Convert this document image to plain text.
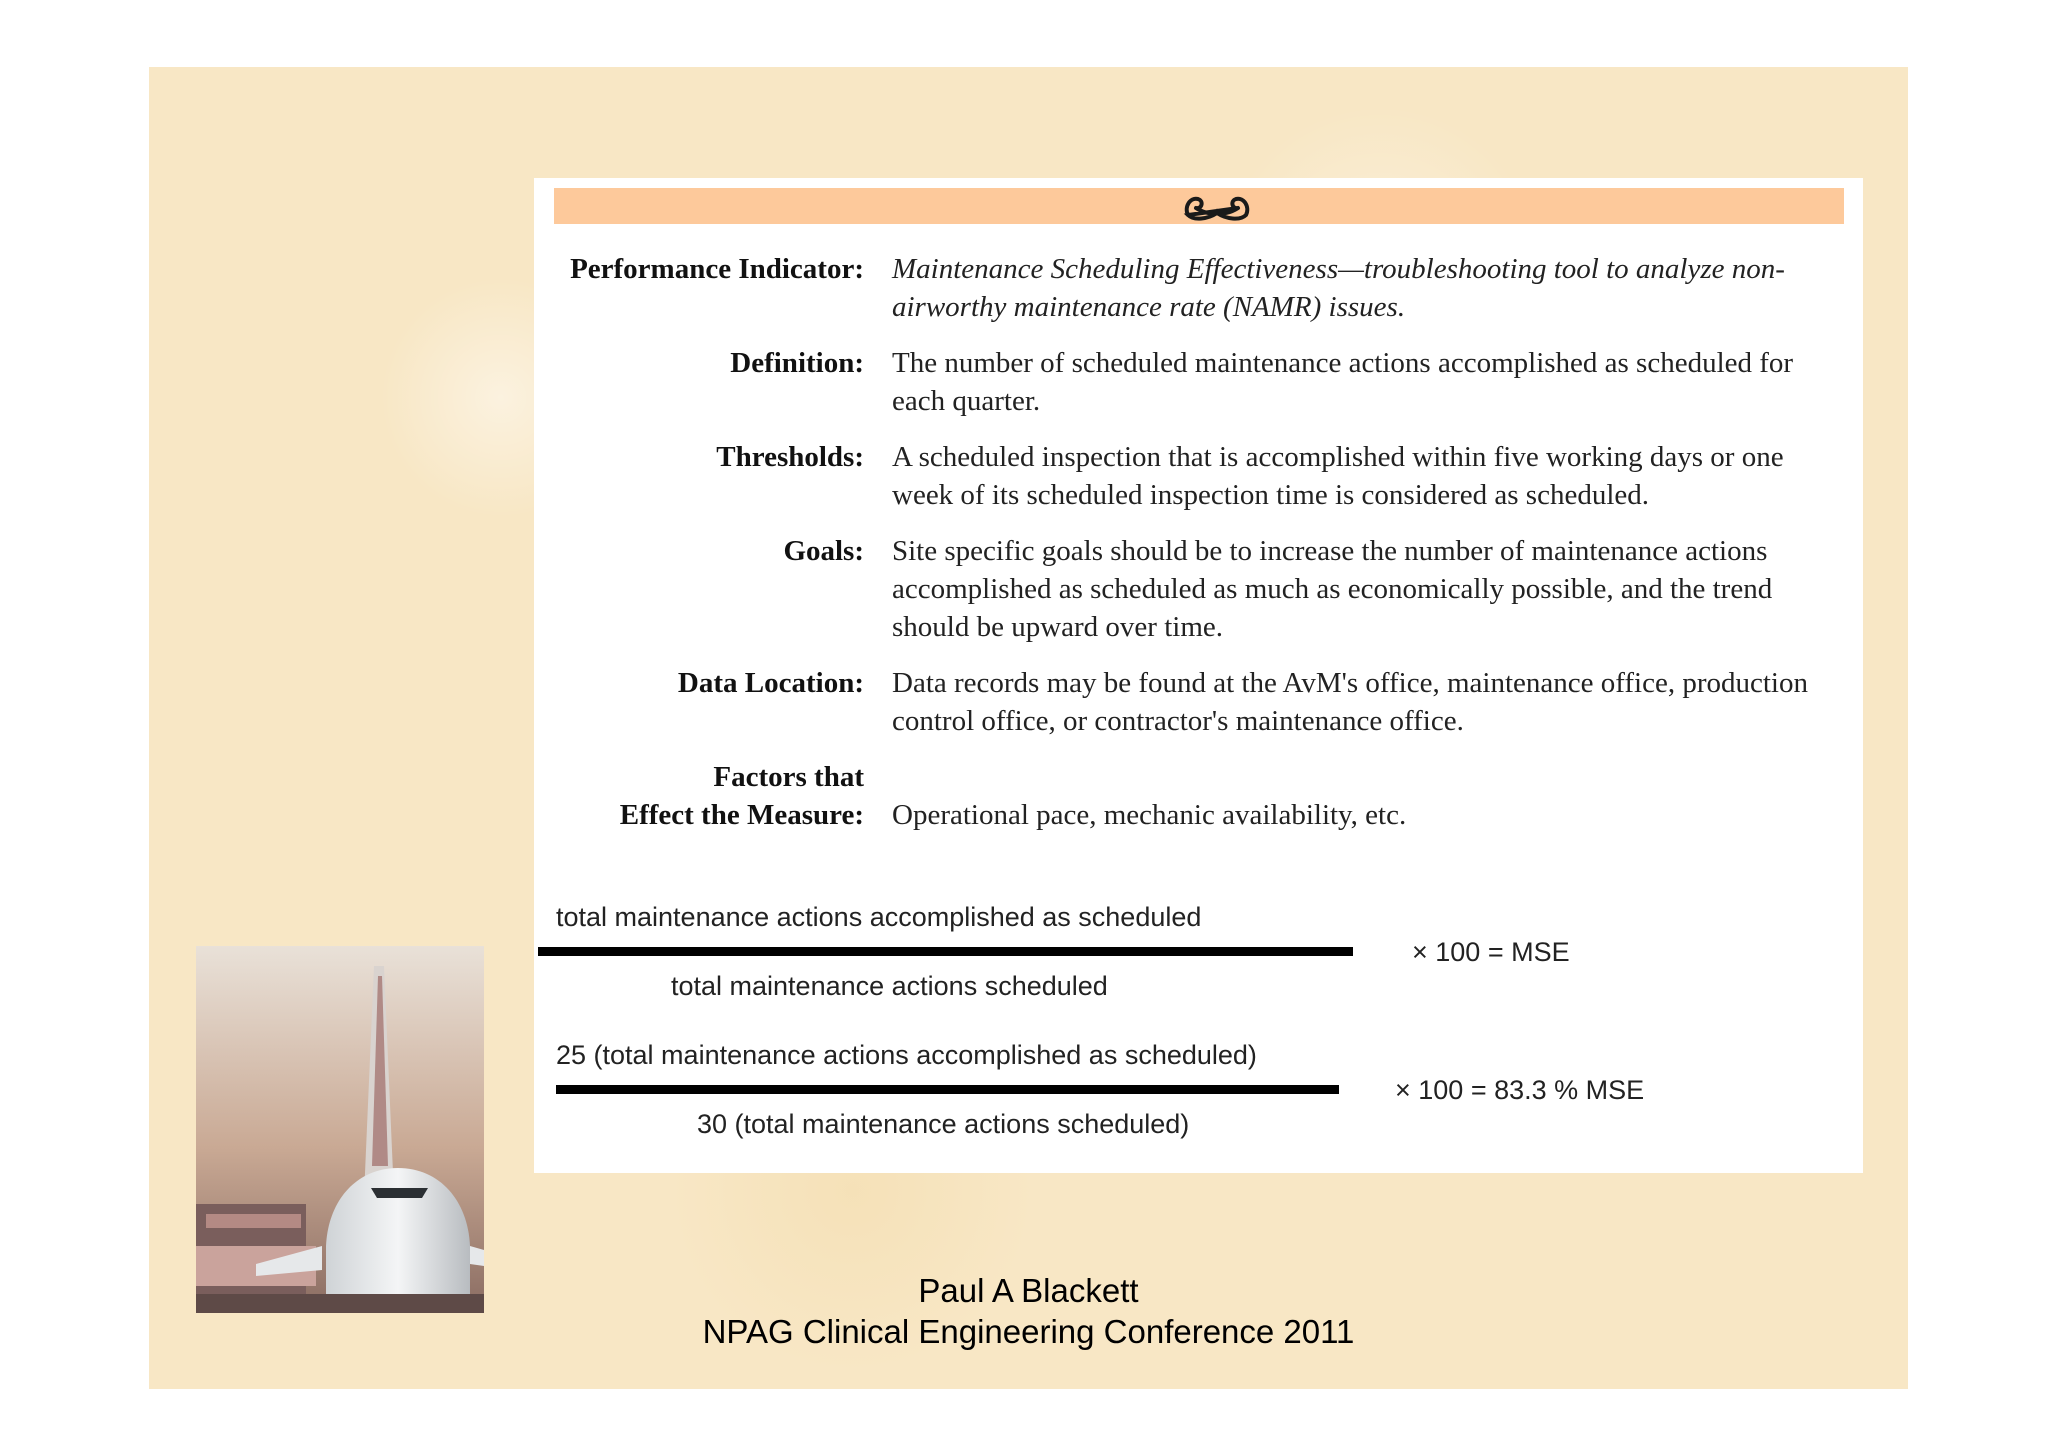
Performance Indicator: Maintenance Scheduling Effectiveness—troubleshooting tool to analyze non-airworthy maintenance rate (NAMR) issues.
Definition: The number of scheduled maintenance actions accomplished as scheduled for each quarter.
Thresholds: A scheduled inspection that is accomplished within five working days or one week of its scheduled inspection time is considered as scheduled.
Goals: Site specific goals should be to increase the number of maintenance actions accomplished as scheduled as much as economically possible, and the trend should be upward over time.
Data Location: Data records may be found at the AvM's office, maintenance office, production control office, or contractor's maintenance office.
Factors that
Effect the Measure: Operational pace, mechanic availability, etc.
total maintenance actions accomplished as scheduled
total maintenance actions scheduled
× 100 = MSE
25 (total maintenance actions accomplished as scheduled)
30 (total maintenance actions scheduled)
× 100 = 83.3 % MSE
Paul A Blackett
NPAG Clinical Engineering Conference 2011
